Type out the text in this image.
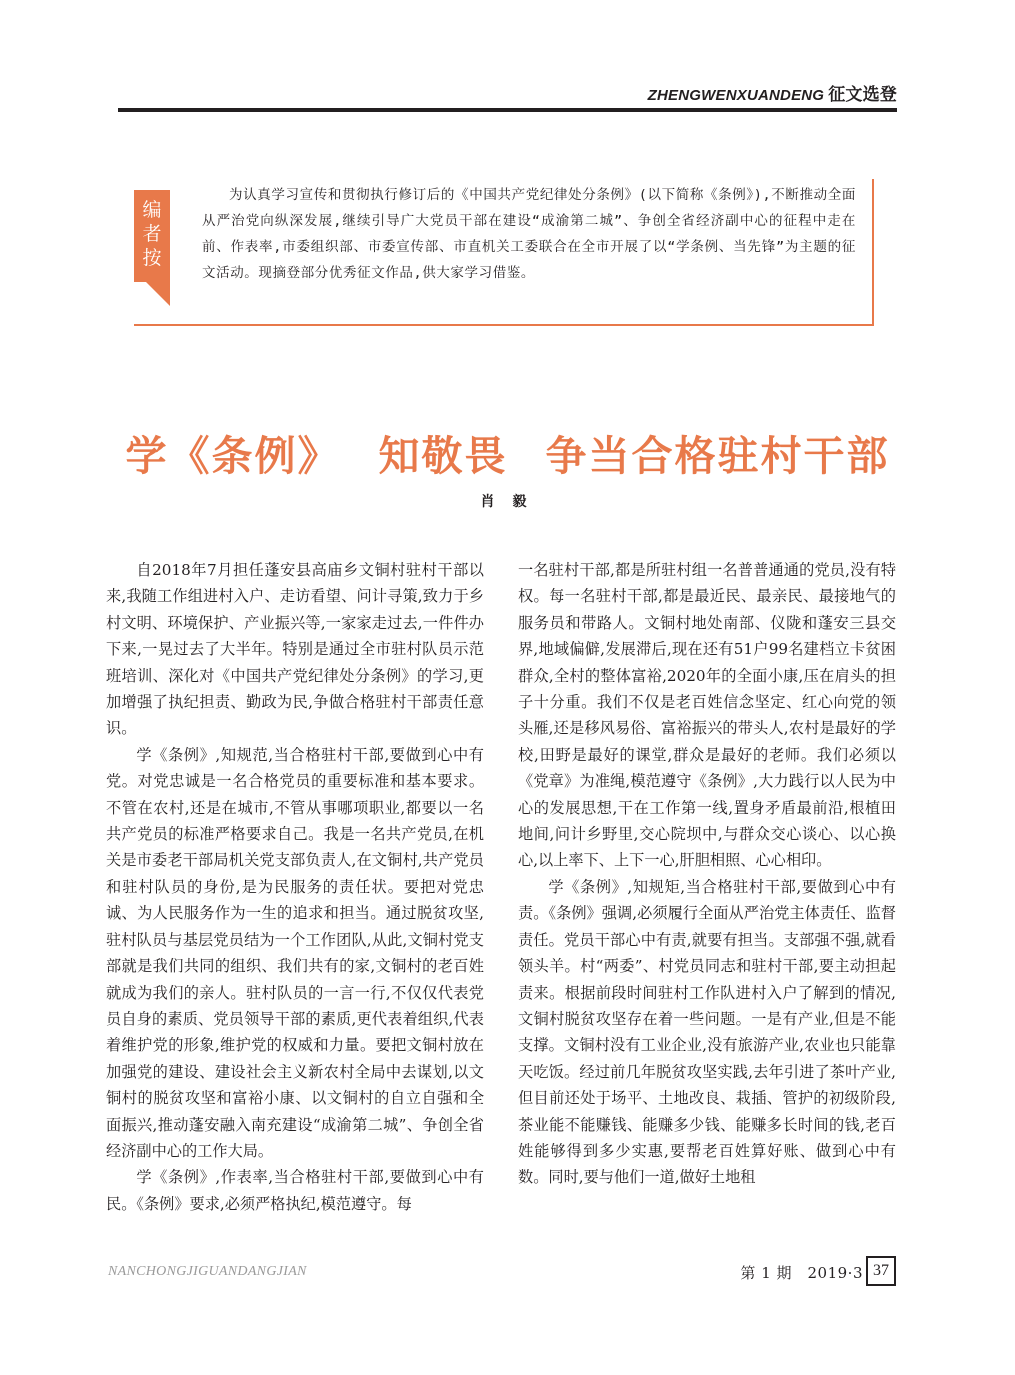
ZHENGWENXUANDENG 征文选登
编
者
按
为认真学习宣传和贯彻执行修订后的《中国共产党纪律处分条例》(以下简称《条例》),不断推动全面从严治党向纵深发展,继续引导广大党员干部在建设“成渝第二城”、争创全省经济副中心的征程中走在前、作表率,市委组织部、市委宣传部、市直机关工委联合在全市开展了以“学条例、当先锋”为主题的征文活动。现摘登部分优秀征文作品,供大家学习借鉴。
学《条例》 知敬畏 争当合格驻村干部
肖毅

自2018年7月担任蓬安县高庙乡文铜村驻村干部以来,我随工作组进村入户、走访看望、问计寻策,致力于乡村文明、环境保护、产业振兴等,一家家走过去,一件件办下来,一晃过去了大半年。特别是通过全市驻村队员示范班培训、深化对《中国共产党纪律处分条例》的学习,更加增强了执纪担责、勤政为民,争做合格驻村干部责任意识。

学《条例》,知规范,当合格驻村干部,要做到心中有党。对党忠诚是一名合格党员的重要标准和基本要求。不管在农村,还是在城市,不管从事哪项职业,都要以一名共产党员的标准严格要求自己。我是一名共产党员,在机关是市委老干部局机关党支部负责人,在文铜村,共产党员和驻村队员的身份,是为民服务的责任状。要把对党忠诚、为人民服务作为一生的追求和担当。通过脱贫攻坚,驻村队员与基层党员结为一个工作团队,从此,文铜村党支部就是我们共同的组织、我们共有的家,文铜村的老百姓就成为我们的亲人。驻村队员的一言一行,不仅仅代表党员自身的素质、党员领导干部的素质,更代表着组织,代表着维护党的形象,维护党的权威和力量。要把文铜村放在加强党的建设、建设社会主义新农村全局中去谋划,以文铜村的脱贫攻坚和富裕小康、以文铜村的自立自强和全面振兴,推动蓬安融入南充建设“成渝第二城”、争创全省经济副中心的工作大局。

学《条例》,作表率,当合格驻村干部,要做到心中有民。《条例》要求,必须严格执纪,模范遵守。每

一名驻村干部,都是所驻村组一名普普通通的党员,没有特权。每一名驻村干部,都是最近民、最亲民、最接地气的服务员和带路人。文铜村地处南部、仪陇和蓬安三县交界,地域偏僻,发展滞后,现在还有51户99名建档立卡贫困群众,全村的整体富裕,2020年的全面小康,压在肩头的担子十分重。我们不仅是老百姓信念坚定、红心向党的领头雁,还是移风易俗、富裕振兴的带头人,农村是最好的学校,田野是最好的课堂,群众是最好的老师。我们必须以《党章》为准绳,模范遵守《条例》,大力践行以人民为中心的发展思想,干在工作第一线,置身矛盾最前沿,根植田地间,问计乡野里,交心院坝中,与群众交心谈心、以心换心,以上率下、上下一心,肝胆相照、心心相印。

学《条例》,知规矩,当合格驻村干部,要做到心中有责。《条例》强调,必须履行全面从严治党主体责任、监督责任。党员干部心中有责,就要有担当。支部强不强,就看领头羊。村“两委”、村党员同志和驻村干部,要主动担起责来。根据前段时间驻村工作队进村入户了解到的情况,文铜村脱贫攻坚存在着一些问题。一是有产业,但是不能支撑。文铜村没有工业企业,没有旅游产业,农业也只能靠天吃饭。经过前几年脱贫攻坚实践,去年引进了茶叶产业,但目前还处于场平、土地改良、栽插、管护的初级阶段,茶业能不能赚钱、能赚多少钱、能赚多长时间的钱,老百姓能够得到多少实惠,要帮老百姓算好账、做到心中有数。同时,要与他们一道,做好土地租

NANCHONGJIGUANDANGJIAN	第 1 期　2019·3 37
